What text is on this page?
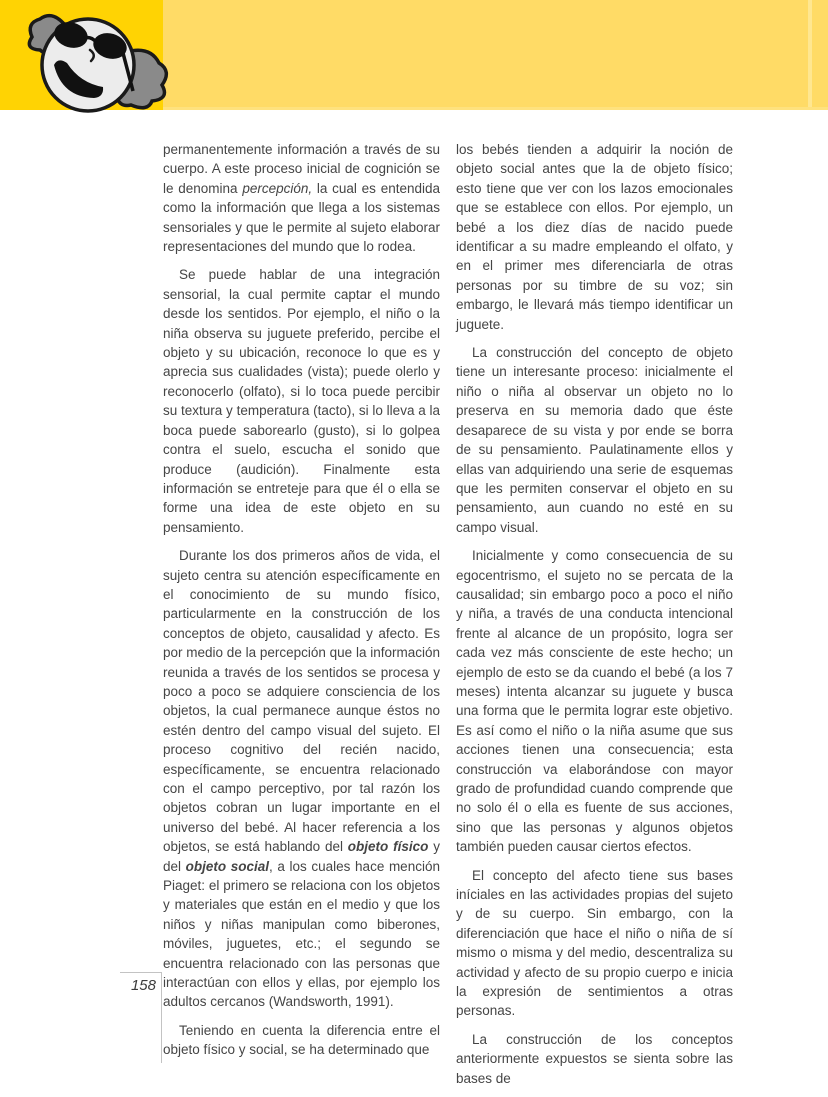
permanentemente información a través de su cuerpo. A este proceso inicial de cognición se le denomina percepción, la cual es entendida como la información que llega a los sistemas sensoriales y que le permite al sujeto elaborar representaciones del mundo que lo rodea.

Se puede hablar de una integración sensorial, la cual permite captar el mundo desde los sentidos. Por ejemplo, el niño o la niña observa su juguete preferido, percibe el objeto y su ubicación, reconoce lo que es y aprecia sus cualidades (vista); puede olerlo y reconocerlo (olfato), si lo toca puede percibir su textura y temperatura (tacto), si lo lleva a la boca puede saborearlo (gusto), si lo golpea contra el suelo, escucha el sonido que produce (audición). Finalmente esta información se entreteje para que él o ella se forme una idea de este objeto en su pensamiento.

Durante los dos primeros años de vida, el sujeto centra su atención específicamente en el conocimiento de su mundo físico, particularmente en la construcción de los conceptos de objeto, causalidad y afecto. Es por medio de la percepción que la información reunida a través de los sentidos se procesa y poco a poco se adquiere consciencia de los objetos, la cual permanece aunque éstos no estén dentro del campo visual del sujeto. El proceso cognitivo del recién nacido, específicamente, se encuentra relacionado con el campo perceptivo, por tal razón los objetos cobran un lugar importante en el universo del bebé. Al hacer referencia a los objetos, se está hablando del objeto físico y del objeto social, a los cuales hace mención Piaget: el primero se relaciona con los objetos y materiales que están en el medio y que los niños y niñas manipulan como biberones, móviles, juguetes, etc.; el segundo se encuentra relacionado con las personas que interactúan con ellos y ellas, por ejemplo los adultos cercanos (Wandsworth, 1991).

Teniendo en cuenta la diferencia entre el objeto físico y social, se ha determinado que

los bebés tienden a adquirir la noción de objeto social antes que la de objeto físico; esto tiene que ver con los lazos emocionales que se establece con ellos. Por ejemplo, un bebé a los diez días de nacido puede identificar a su madre empleando el olfato, y en el primer mes diferenciarla de otras personas por su timbre de su voz; sin embargo, le llevará más tiempo identificar un juguete.

La construcción del concepto de objeto tiene un interesante proceso: inicialmente el niño o niña al observar un objeto no lo preserva en su memoria dado que éste desaparece de su vista y por ende se borra de su pensamiento. Paulatinamente ellos y ellas van adquiriendo una serie de esquemas que les permiten conservar el objeto en su pensamiento, aun cuando no esté en su campo visual.

Inicialmente y como consecuencia de su egocentrismo, el sujeto no se percata de la causalidad; sin embargo poco a poco el niño y niña, a través de una conducta intencional frente al alcance de un propósito, logra ser cada vez más consciente de este hecho; un ejemplo de esto se da cuando el bebé (a los 7 meses) intenta alcanzar su juguete y busca una forma que le permita lograr este objetivo. Es así como el niño o la niña asume que sus acciones tienen una consecuencia; esta construcción va elaborándose con mayor grado de profundidad cuando comprende que no solo él o ella es fuente de sus acciones, sino que las personas y algunos objetos también pueden causar ciertos efectos.

El concepto del afecto tiene sus bases iníciales en las actividades propias del sujeto y de su cuerpo. Sin embargo, con la diferenciación que hace el niño o niña de sí mismo o misma y del medio, descentraliza su actividad y afecto de su propio cuerpo e inicia la expresión de sentimientos a otras personas.

La construcción de los conceptos anteriormente expuestos se sienta sobre las bases de

158
